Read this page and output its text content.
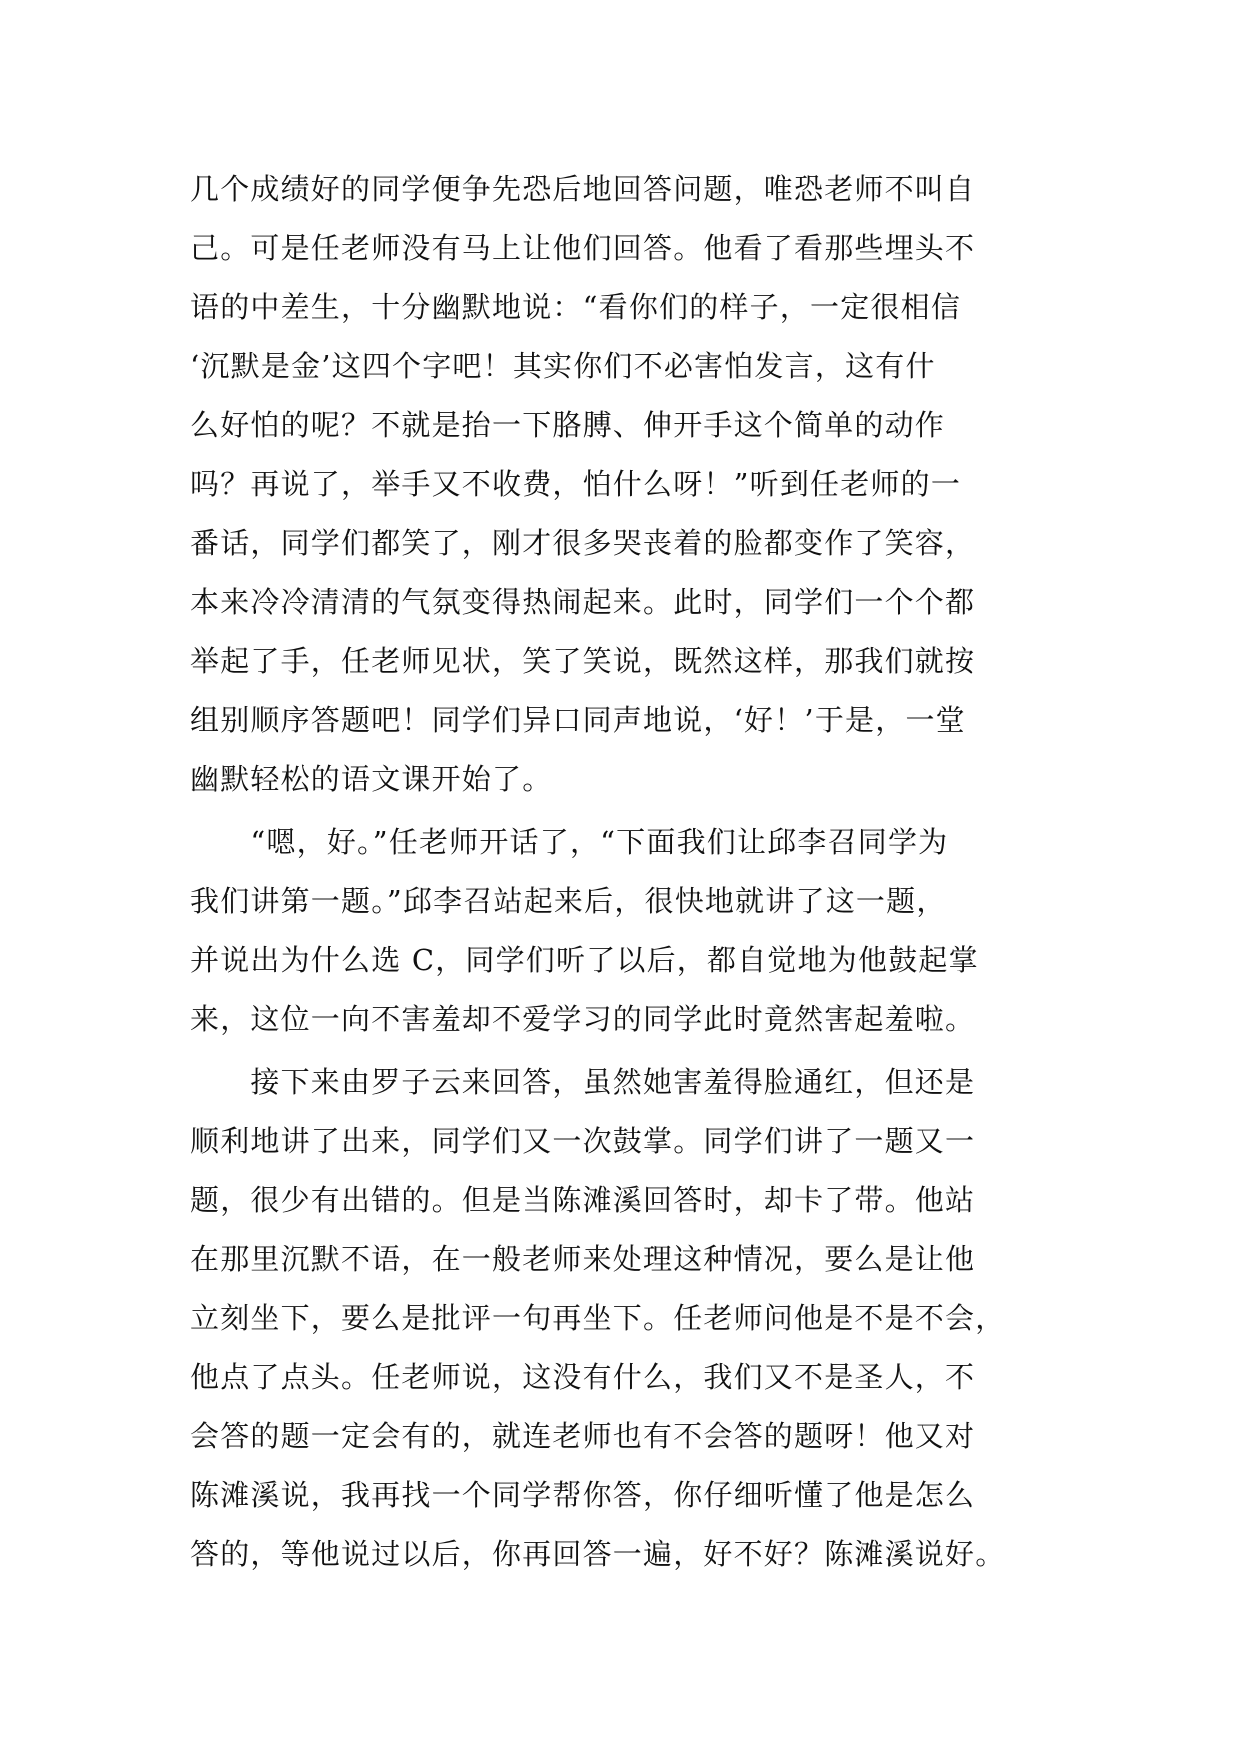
几个成绩好的同学便争先恐后地回答问题，唯恐老师不叫自
己。可是任老师没有马上让他们回答。他看了看那些埋头不
语的中差生，十分幽默地说：“看你们的样子，一定很相信
‘沉默是金’这四个字吧！其实你们不必害怕发言，这有什
么好怕的呢？不就是抬一下胳膊、伸开手这个简单的动作
吗？再说了，举手又不收费，怕什么呀！”听到任老师的一
番话，同学们都笑了，刚才很多哭丧着的脸都变作了笑容，
本来冷冷清清的气氛变得热闹起来。此时，同学们一个个都
举起了手，任老师见状，笑了笑说，既然这样，那我们就按
组别顺序答题吧！同学们异口同声地说，‘好！’于是，一堂
幽默轻松的语文课开始了。
　　“嗯，好。”任老师开话了，“下面我们让邱李召同学为
我们讲第一题。”邱李召站起来后，很快地就讲了这一题，
并说出为什么选 C，同学们听了以后，都自觉地为他鼓起掌
来，这位一向不害羞却不爱学习的同学此时竟然害起羞啦。
　　接下来由罗子云来回答，虽然她害羞得脸通红，但还是
顺利地讲了出来，同学们又一次鼓掌。同学们讲了一题又一
题，很少有出错的。但是当陈滩溪回答时，却卡了带。他站
在那里沉默不语，在一般老师来处理这种情况，要么是让他
立刻坐下，要么是批评一句再坐下。任老师问他是不是不会，
他点了点头。任老师说，这没有什么，我们又不是圣人，不
会答的题一定会有的，就连老师也有不会答的题呀！他又对
陈滩溪说，我再找一个同学帮你答，你仔细听懂了他是怎么
答的，等他说过以后，你再回答一遍，好不好？陈滩溪说好。
